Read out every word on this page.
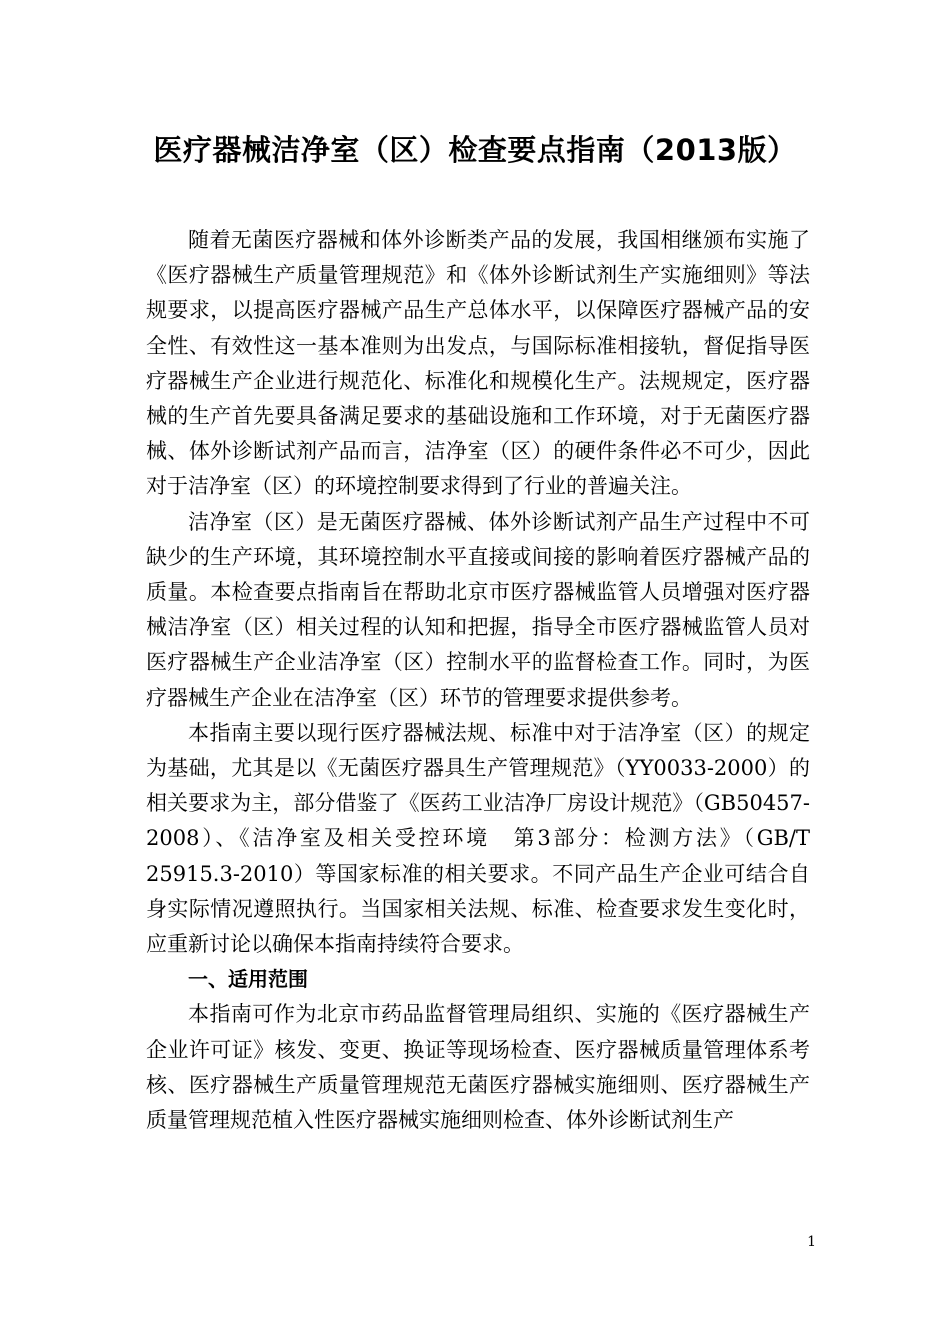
医疗器械洁净室（区）检查要点指南（2013版）

随着无菌医疗器械和体外诊断类产品的发展，我国相继颁布实施了《医疗器械生产质量管理规范》和《体外诊断试剂生产实施细则》等法规要求，以提高医疗器械产品生产总体水平，以保障医疗器械产品的安全性、有效性这一基本准则为出发点，与国际标准相接轨，督促指导医疗器械生产企业进行规范化、标准化和规模化生产。法规规定，医疗器械的生产首先要具备满足要求的基础设施和工作环境，对于无菌医疗器械、体外诊断试剂产品而言，洁净室（区）的硬件条件必不可少，因此对于洁净室（区）的环境控制要求得到了行业的普遍关注。

洁净室（区）是无菌医疗器械、体外诊断试剂产品生产过程中不可缺少的生产环境，其环境控制水平直接或间接的影响着医疗器械产品的质量。本检查要点指南旨在帮助北京市医疗器械监管人员增强对医疗器械洁净室（区）相关过程的认知和把握，指导全市医疗器械监管人员对医疗器械生产企业洁净室（区）控制水平的监督检查工作。同时，为医疗器械生产企业在洁净室（区）环节的管理要求提供参考。

本指南主要以现行医疗器械法规、标准中对于洁净室（区）的规定为基础，尤其是以《无菌医疗器具生产管理规范》（YY0033-2000）的相关要求为主，部分借鉴了《医药工业洁净厂房设计规范》（GB50457-2008）、《洁净室及相关受控环境　第3部分：检测方法》（GB/T 25915.3-2010）等国家标准的相关要求。不同产品生产企业可结合自身实际情况遵照执行。当国家相关法规、标准、检查要求发生变化时，应重新讨论以确保本指南持续符合要求。

一、适用范围

本指南可作为北京市药品监督管理局组织、实施的《医疗器械生产企业许可证》核发、变更、换证等现场检查、医疗器械质量管理体系考核、医疗器械生产质量管理规范无菌医疗器械实施细则、医疗器械生产质量管理规范植入性医疗器械实施细则检查、体外诊断试剂生产

1
